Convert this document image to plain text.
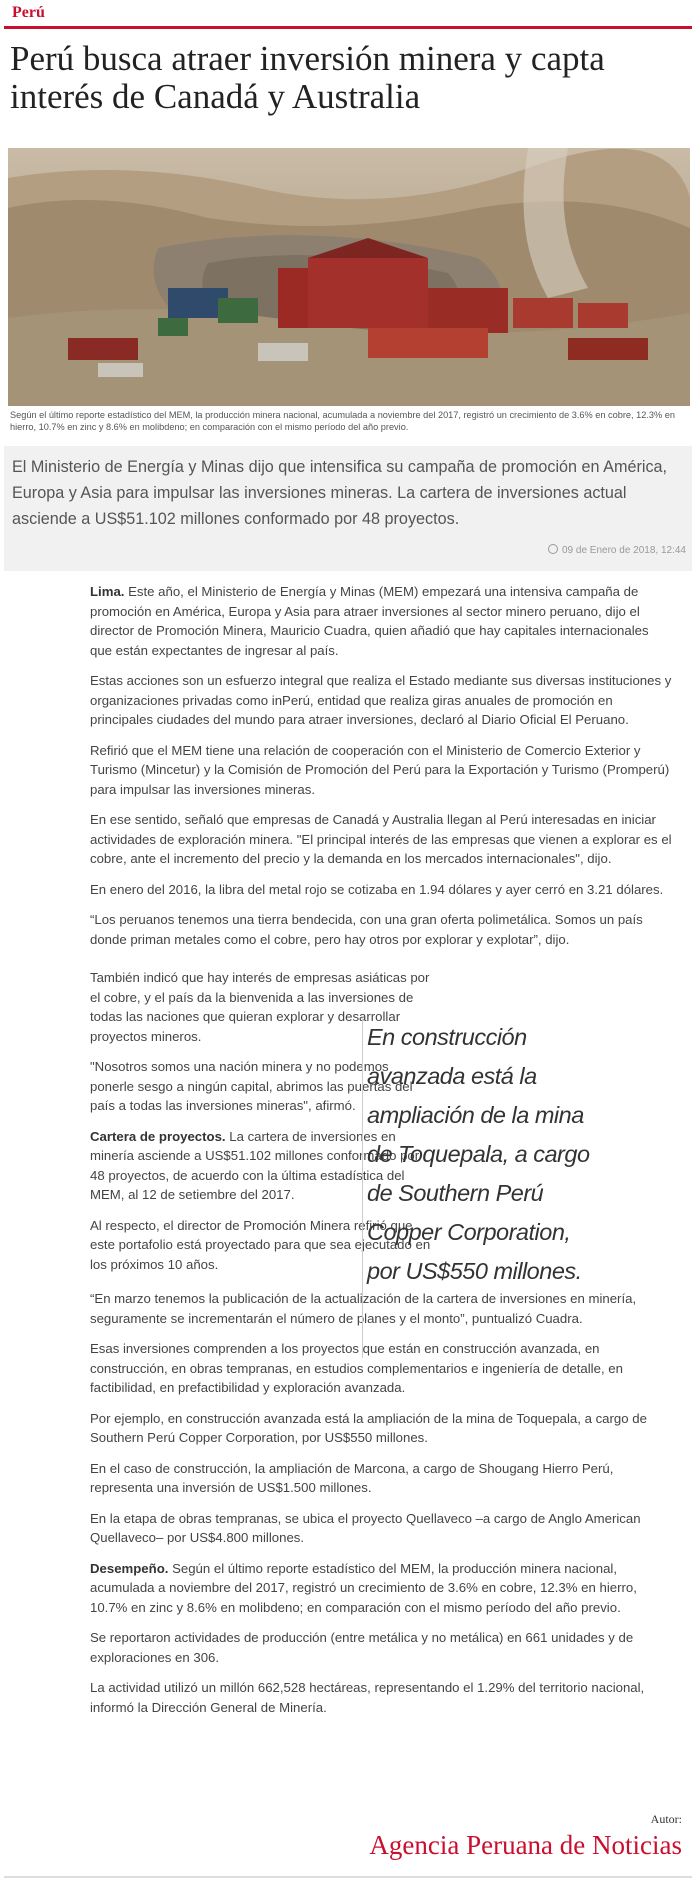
Perú
Perú busca atraer inversión minera y capta interés de Canadá y Australia
Según el último reporte estadístico del MEM, la producción minera nacional, acumulada a noviembre del 2017, registró un crecimiento de 3.6% en cobre, 12.3% en hierro, 10.7% en zinc y 8.6% en molibdeno; en comparación con el mismo período del año previo.

El Ministerio de Energía y Minas dijo que intensifica su campaña de promoción en América, Europa y Asia para impulsar las inversiones mineras. La cartera de inversiones actual asciende a US$51.102 millones conformado por 48 proyectos.

09 de Enero de 2018, 12:44

Lima. Este año, el Ministerio de Energía y Minas (MEM) empezará una intensiva campaña de promoción en América, Europa y Asia para atraer inversiones al sector minero peruano, dijo el director de Promoción Minera, Mauricio Cuadra, quien añadió que hay capitales internacionales que están expectantes de ingresar al país.

Estas acciones son un esfuerzo integral que realiza el Estado mediante sus diversas instituciones y organizaciones privadas como inPerú, entidad que realiza giras anuales de promoción en principales ciudades del mundo para atraer inversiones, declaró al Diario Oficial El Peruano.

Refirió que el MEM tiene una relación de cooperación con el Ministerio de Comercio Exterior y Turismo (Mincetur) y la Comisión de Promoción del Perú para la Exportación y Turismo (Promperú) para impulsar las inversiones mineras.

En ese sentido, señaló que empresas de Canadá y Australia llegan al Perú interesadas en iniciar actividades de exploración minera. "El principal interés de las empresas que vienen a explorar es el cobre, ante el incremento del precio y la demanda en los mercados internacionales", dijo.

En enero del 2016, la libra del metal rojo se cotizaba en 1.94 dólares y ayer cerró en 3.21 dólares.

“Los peruanos tenemos una tierra bendecida, con una gran oferta polimetálica. Somos un país donde priman metales como el cobre, pero hay otros por explorar y explotar”, dijo.

También indicó que hay interés de empresas asiáticas por el cobre, y el país da la bienvenida a las inversiones de todas las naciones que quieran explorar y desarrollar proyectos mineros.

"Nosotros somos una nación minera y no podemos ponerle sesgo a ningún capital, abrimos las puertas del país a todas las inversiones mineras", afirmó.

Cartera de proyectos. La cartera de inversiones en minería asciende a US$51.102 millones conformado por 48 proyectos, de acuerdo con la última estadística del MEM, al 12 de setiembre del 2017.

Al respecto, el director de Promoción Minera refirió que este portafolio está proyectado para que sea ejecutado en los próximos 10 años.

“En marzo tenemos la publicación de la actualización de la cartera de inversiones en minería, seguramente se incrementarán el número de planes y el monto”, puntualizó Cuadra.

Esas inversiones comprenden a los proyectos que están en construcción avanzada, en construcción, en obras tempranas, en estudios complementarios e ingeniería de detalle, en factibilidad, en prefactibilidad y exploración avanzada.

Por ejemplo, en construcción avanzada está la ampliación de la mina de Toquepala, a cargo de Southern Perú Copper Corporation, por US$550 millones.

En el caso de construcción, la ampliación de Marcona, a cargo de Shougang Hierro Perú, representa una inversión de US$1.500 millones.

En la etapa de obras tempranas, se ubica el proyecto Quellaveco –a cargo de Anglo American Quellaveco– por US$4.800 millones.

Desempeño. Según el último reporte estadístico del MEM, la producción minera nacional, acumulada a noviembre del 2017, registró un crecimiento de 3.6% en cobre, 12.3% en hierro, 10.7% en zinc y 8.6% en molibdeno; en comparación con el mismo período del año previo.

Se reportaron actividades de producción (entre metálica y no metálica) en 661 unidades y de exploraciones en 306.

La actividad utilizó un millón 662,528 hectáreas, representando el 1.29% del territorio nacional, informó la Dirección General de Minería.

En construcción avanzada está la ampliación de la mina de Toquepala, a cargo de Southern Perú Copper Corporation, por US$550 millones.
Autor:
Agencia Peruana de Noticias
